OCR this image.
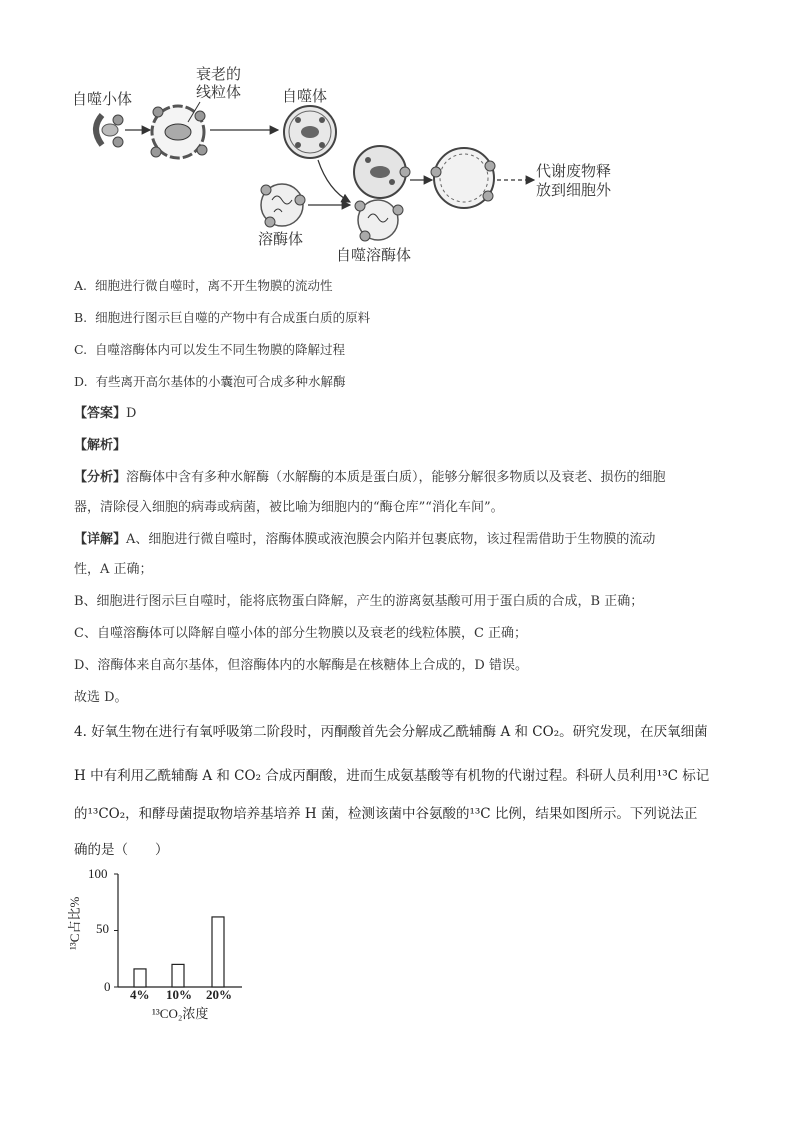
自噬小体
衰老的
线粒体	自噬体
溶酶体
自噬溶酶体
代谢废物释
放到细胞外
A. 细胞进行微自噬时，离不开生物膜的流动性
B. 细胞进行图示巨自噬的产物中有合成蛋白质的原料
C. 自噬溶酶体内可以发生不同生物膜的降解过程
D. 有些离开高尔基体的小囊泡可合成多种水解酶
【答案】D
【解析】
【分析】溶酶体中含有多种水解酶（水解酶的本质是蛋白质），能够分解很多物质以及衰老、损伤的细胞
器，清除侵入细胞的病毒或病菌，被比喻为细胞内的“酶仓库”“消化车间”。
【详解】A、细胞进行微自噬时，溶酶体膜或液泡膜会内陷并包裹底物，该过程需借助于生物膜的流动
性，A 正确；
B、细胞进行图示巨自噬时，能将底物蛋白降解，产生的游离氨基酸可用于蛋白质的合成，B 正确；
C、自噬溶酶体可以降解自噬小体的部分生物膜以及衰老的线粒体膜，C 正确；
D、溶酶体来自高尔基体，但溶酶体内的水解酶是在核糖体上合成的，D 错误。
故选 D。
4. 好氧生物在进行有氧呼吸第二阶段时，丙酮酸首先会分解成乙酰辅酶 A 和 CO₂。研究发现，在厌氧细菌
H 中有利用乙酰辅酶 A 和 CO₂ 合成丙酮酸，进而生成氨基酸等有机物的代谢过程。科研人员利用¹³C 标记
的¹³CO₂，和酵母菌提取物培养基培养 H 菌，检测该菌中谷氨酸的¹³C 比例，结果如图所示。下列说法正
确的是（　　）
100
50
0
¹³C占比%
4% 10% 20%
¹³CO₂浓度
